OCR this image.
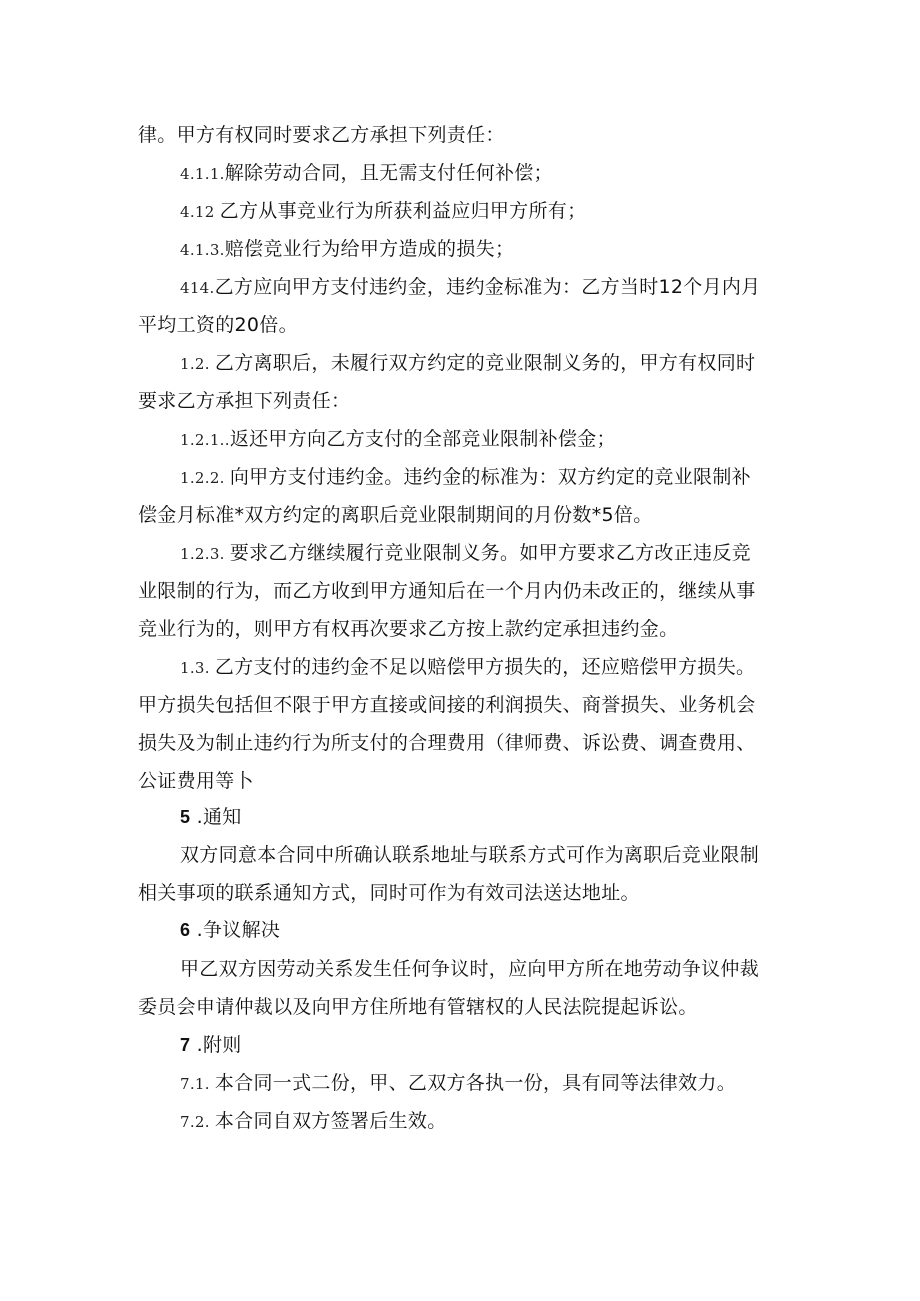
律。甲方有权同时要求乙方承担下列责任：

4.1.1.解除劳动合同，且无需支付任何补偿；

4.12 乙方从事竞业行为所获利益应归甲方所有；

4.1.3.赔偿竞业行为给甲方造成的损失；

414.乙方应向甲方支付违约金，违约金标准为：乙方当时12个月内月

平均工资的20倍。

1.2. 乙方离职后，未履行双方约定的竞业限制义务的，甲方有权同时

要求乙方承担下列责任：

1.2.1..返还甲方向乙方支付的全部竞业限制补偿金；

1.2.2. 向甲方支付违约金。违约金的标准为：双方约定的竞业限制补

偿金月标准*双方约定的离职后竞业限制期间的月份数*5倍。

1.2.3. 要求乙方继续履行竞业限制义务。如甲方要求乙方改正违反竞

业限制的行为，而乙方收到甲方通知后在一个月内仍未改正的，继续从事

竞业行为的，则甲方有权再次要求乙方按上款约定承担违约金。

1.3. 乙方支付的违约金不足以赔偿甲方损失的，还应赔偿甲方损失。

甲方损失包括但不限于甲方直接或间接的利润损失、商誉损失、业务机会

损失及为制止违约行为所支付的合理费用（律师费、诉讼费、调查费用、

公证费用等卜

5 .通知

双方同意本合同中所确认联系地址与联系方式可作为离职后竞业限制

相关事项的联系通知方式，同时可作为有效司法送达地址。

6 .争议解决

甲乙双方因劳动关系发生任何争议时，应向甲方所在地劳动争议仲裁

委员会申请仲裁以及向甲方住所地有管辖权的人民法院提起诉讼。

7 .附则

7.1. 本合同一式二份，甲、乙双方各执一份，具有同等法律效力。

7.2. 本合同自双方签署后生效。
